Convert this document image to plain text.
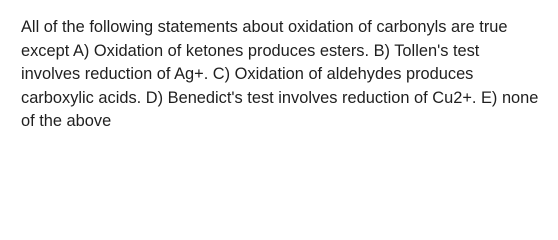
All of the following statements about oxidation of carbonyls are true except A) Oxidation of ketones produces esters. B) Tollen's test involves reduction of Ag+. C) Oxidation of aldehydes produces carboxylic acids. D) Benedict's test involves reduction of Cu2+. E) none of the above
